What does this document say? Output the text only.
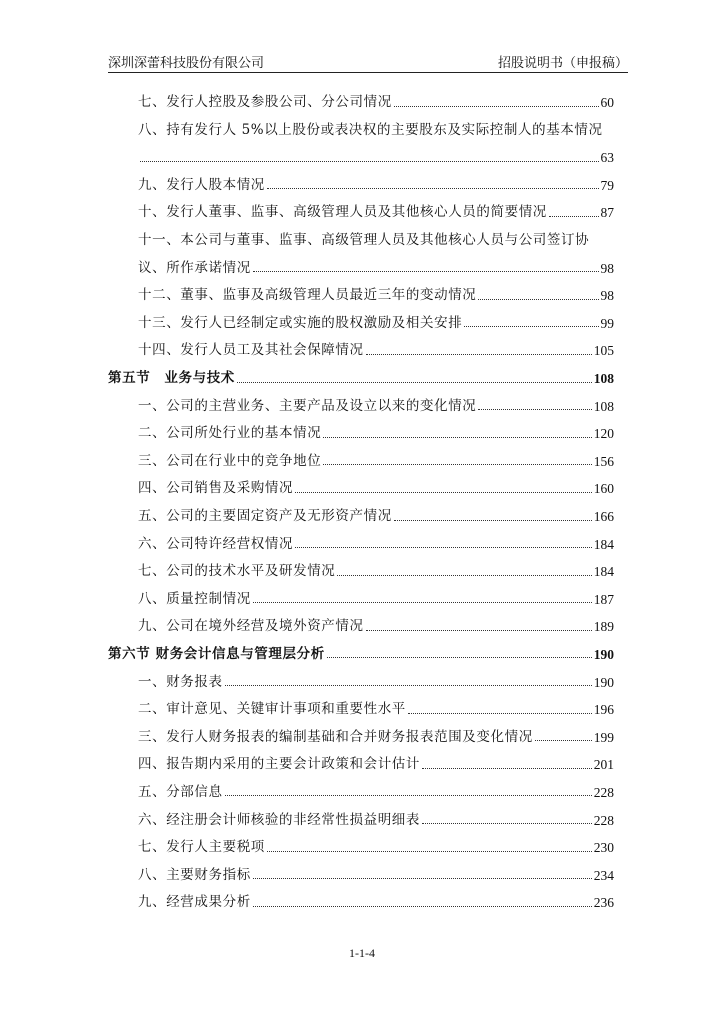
深圳深蕾科技股份有限公司	招股说明书（申报稿）
七、发行人控股及参股公司、分公司情况	60
八、持有发行人 5%以上股份或表决权的主要股东及实际控制人的基本情况
63
九、发行人股本情况	79
十、发行人董事、监事、高级管理人员及其他核心人员的简要情况	87
十一、本公司与董事、监事、高级管理人员及其他核心人员与公司签订协
议、所作承诺情况	98
十二、董事、监事及高级管理人员最近三年的变动情况	98
十三、发行人已经制定或实施的股权激励及相关安排	99
十四、发行人员工及其社会保障情况	105
第五节　业务与技术	108
一、公司的主营业务、主要产品及设立以来的变化情况	108
二、公司所处行业的基本情况	120
三、公司在行业中的竞争地位	156
四、公司销售及采购情况	160
五、公司的主要固定资产及无形资产情况	166
六、公司特许经营权情况	184
七、公司的技术水平及研发情况	184
八、质量控制情况	187
九、公司在境外经营及境外资产情况	189
第六节 财务会计信息与管理层分析	190
一、财务报表	190
二、审计意见、关键审计事项和重要性水平	196
三、发行人财务报表的编制基础和合并财务报表范围及变化情况	199
四、报告期内采用的主要会计政策和会计估计	201
五、分部信息	228
六、经注册会计师核验的非经常性损益明细表	228
七、发行人主要税项	230
八、主要财务指标	234
九、经营成果分析	236
1-1-4
